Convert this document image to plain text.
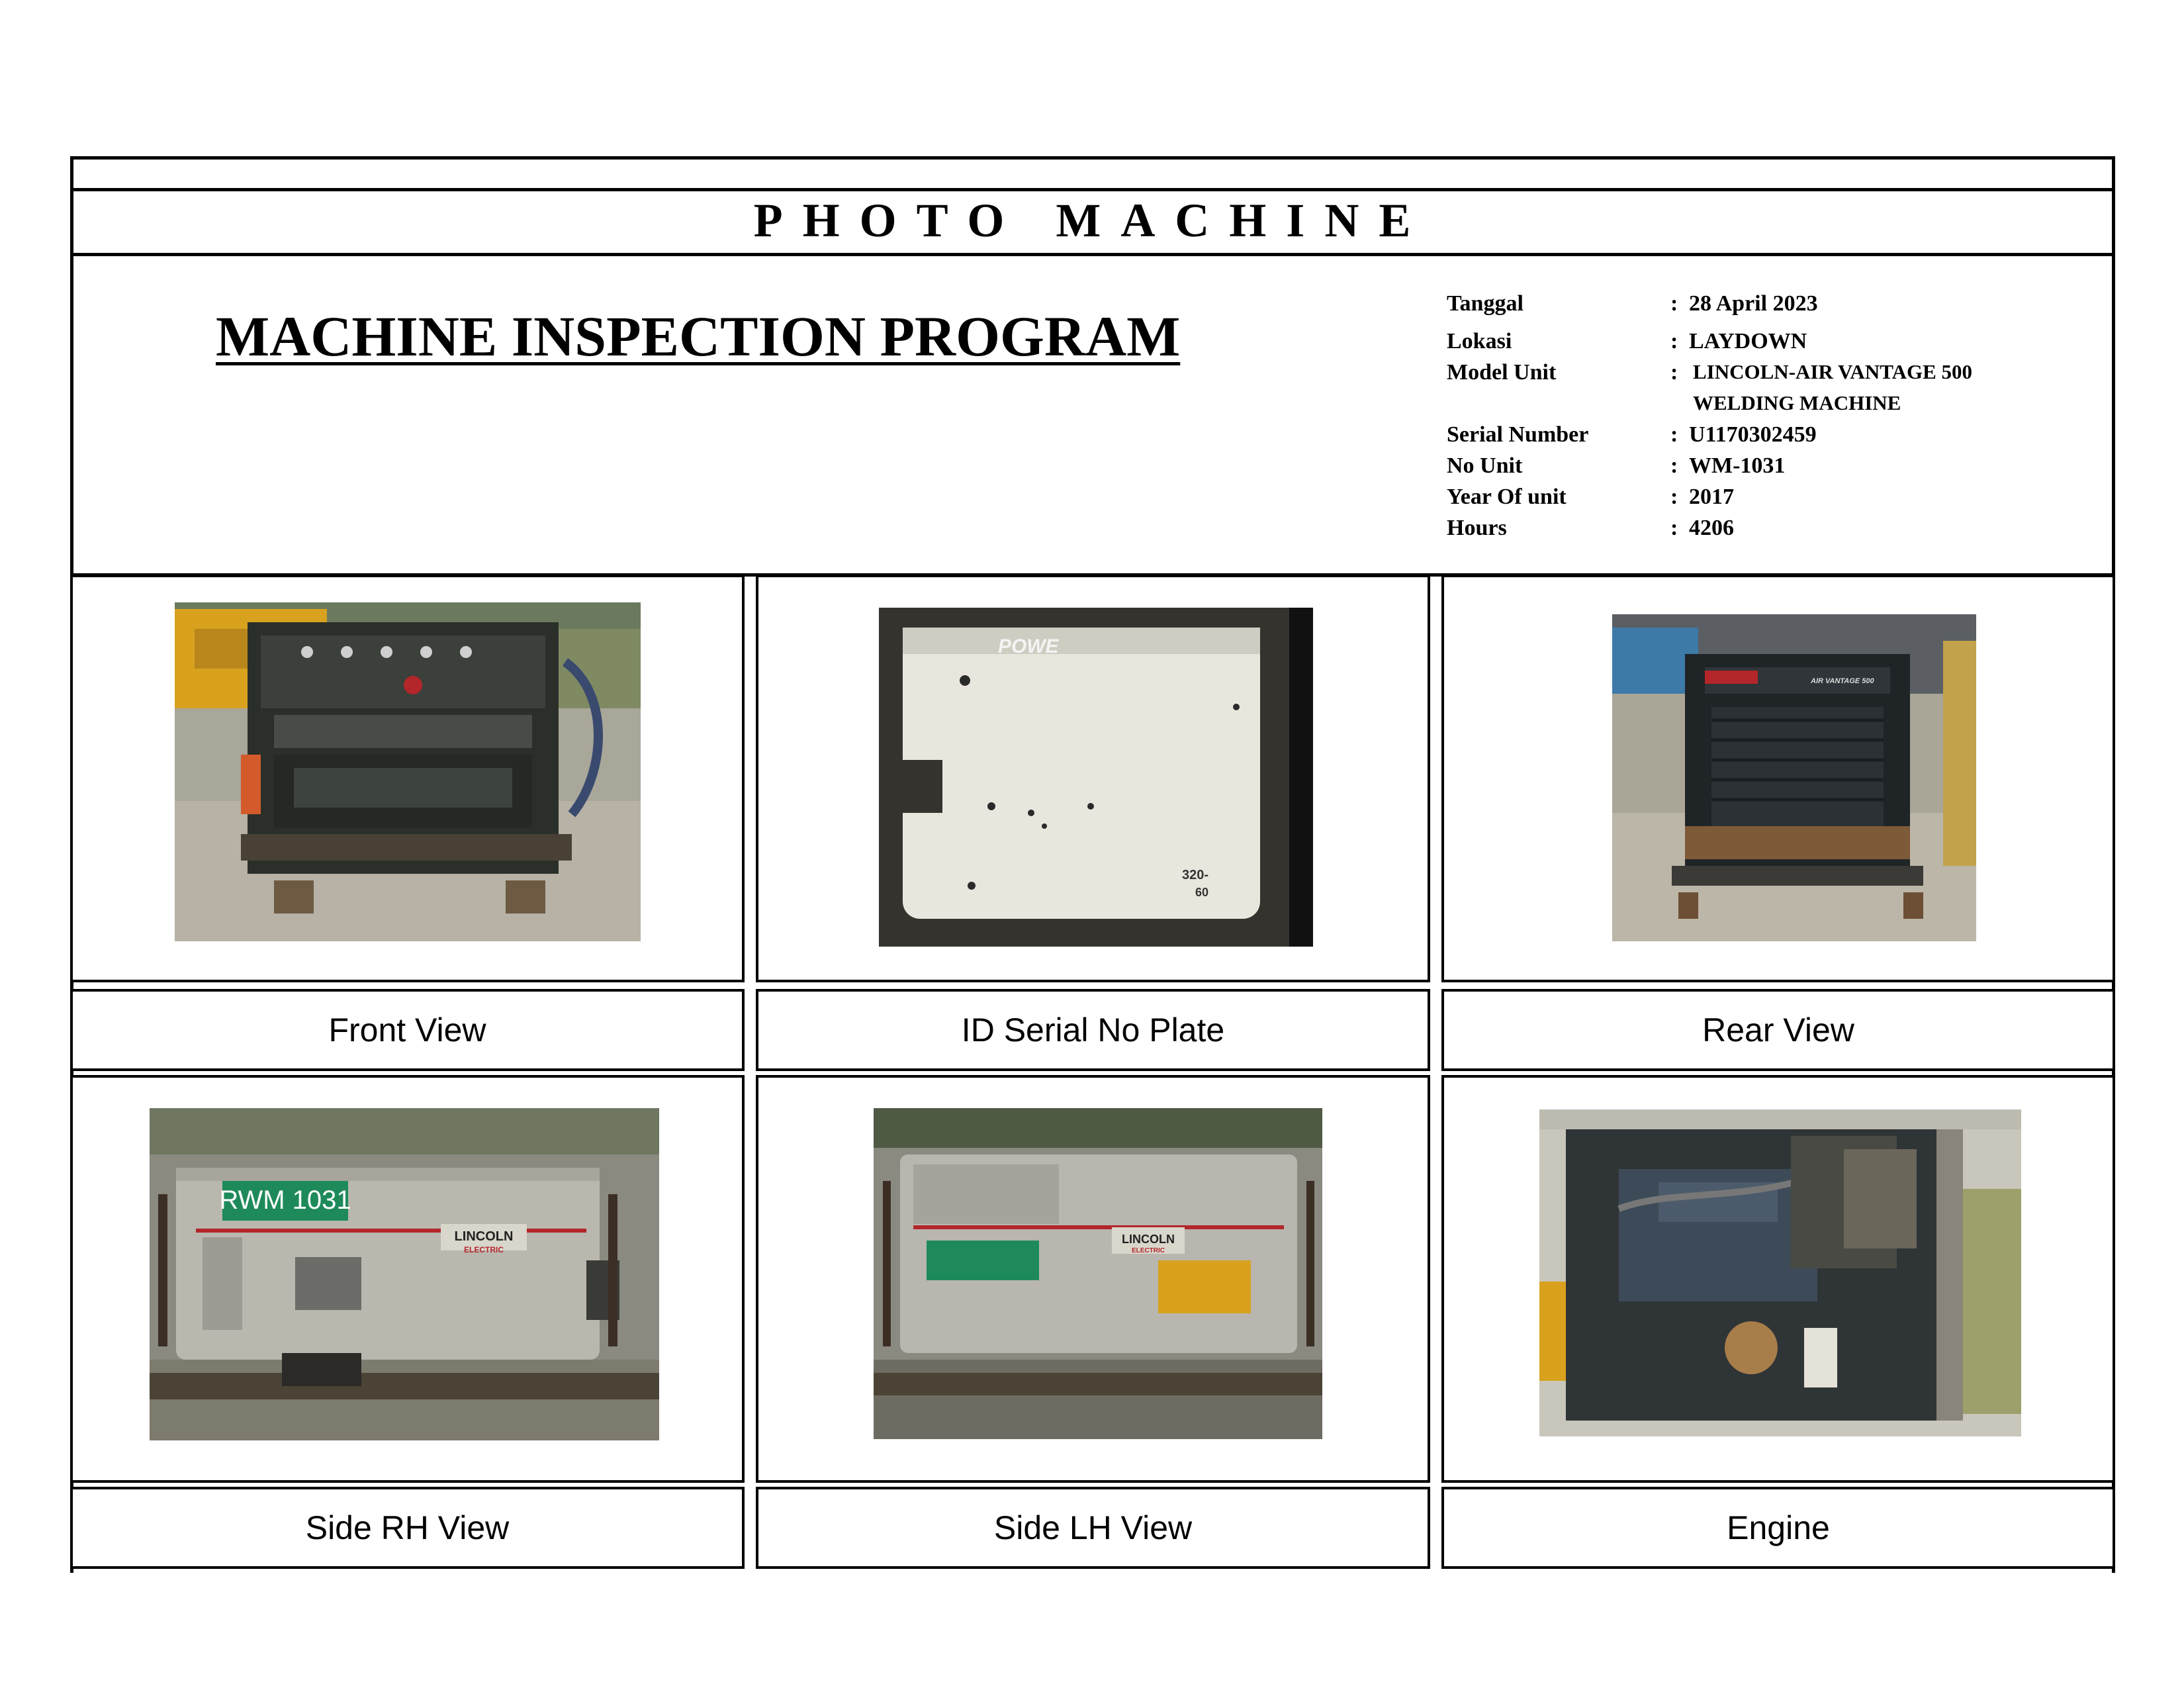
PHOTO MACHINE
MACHINE INSPECTION PROGRAM
Tanggal	: 28 April 2023
Lokasi	: LAYDOWN
Model Unit	: LINCOLN-AIR VANTAGE 500
WELDING MACHINE
Serial Number	: U1170302459
No Unit	: WM-1031
Year Of unit	: 2017
Hours	: 4206
Front View	ID Serial No Plate	Rear View
Side RH View	Side LH View	Engine
POWE
320-
60
AIR VANTAGE 500
RWM 1031
LINCOLN
ELECTRIC
LINCOLN
ELECTRIC
